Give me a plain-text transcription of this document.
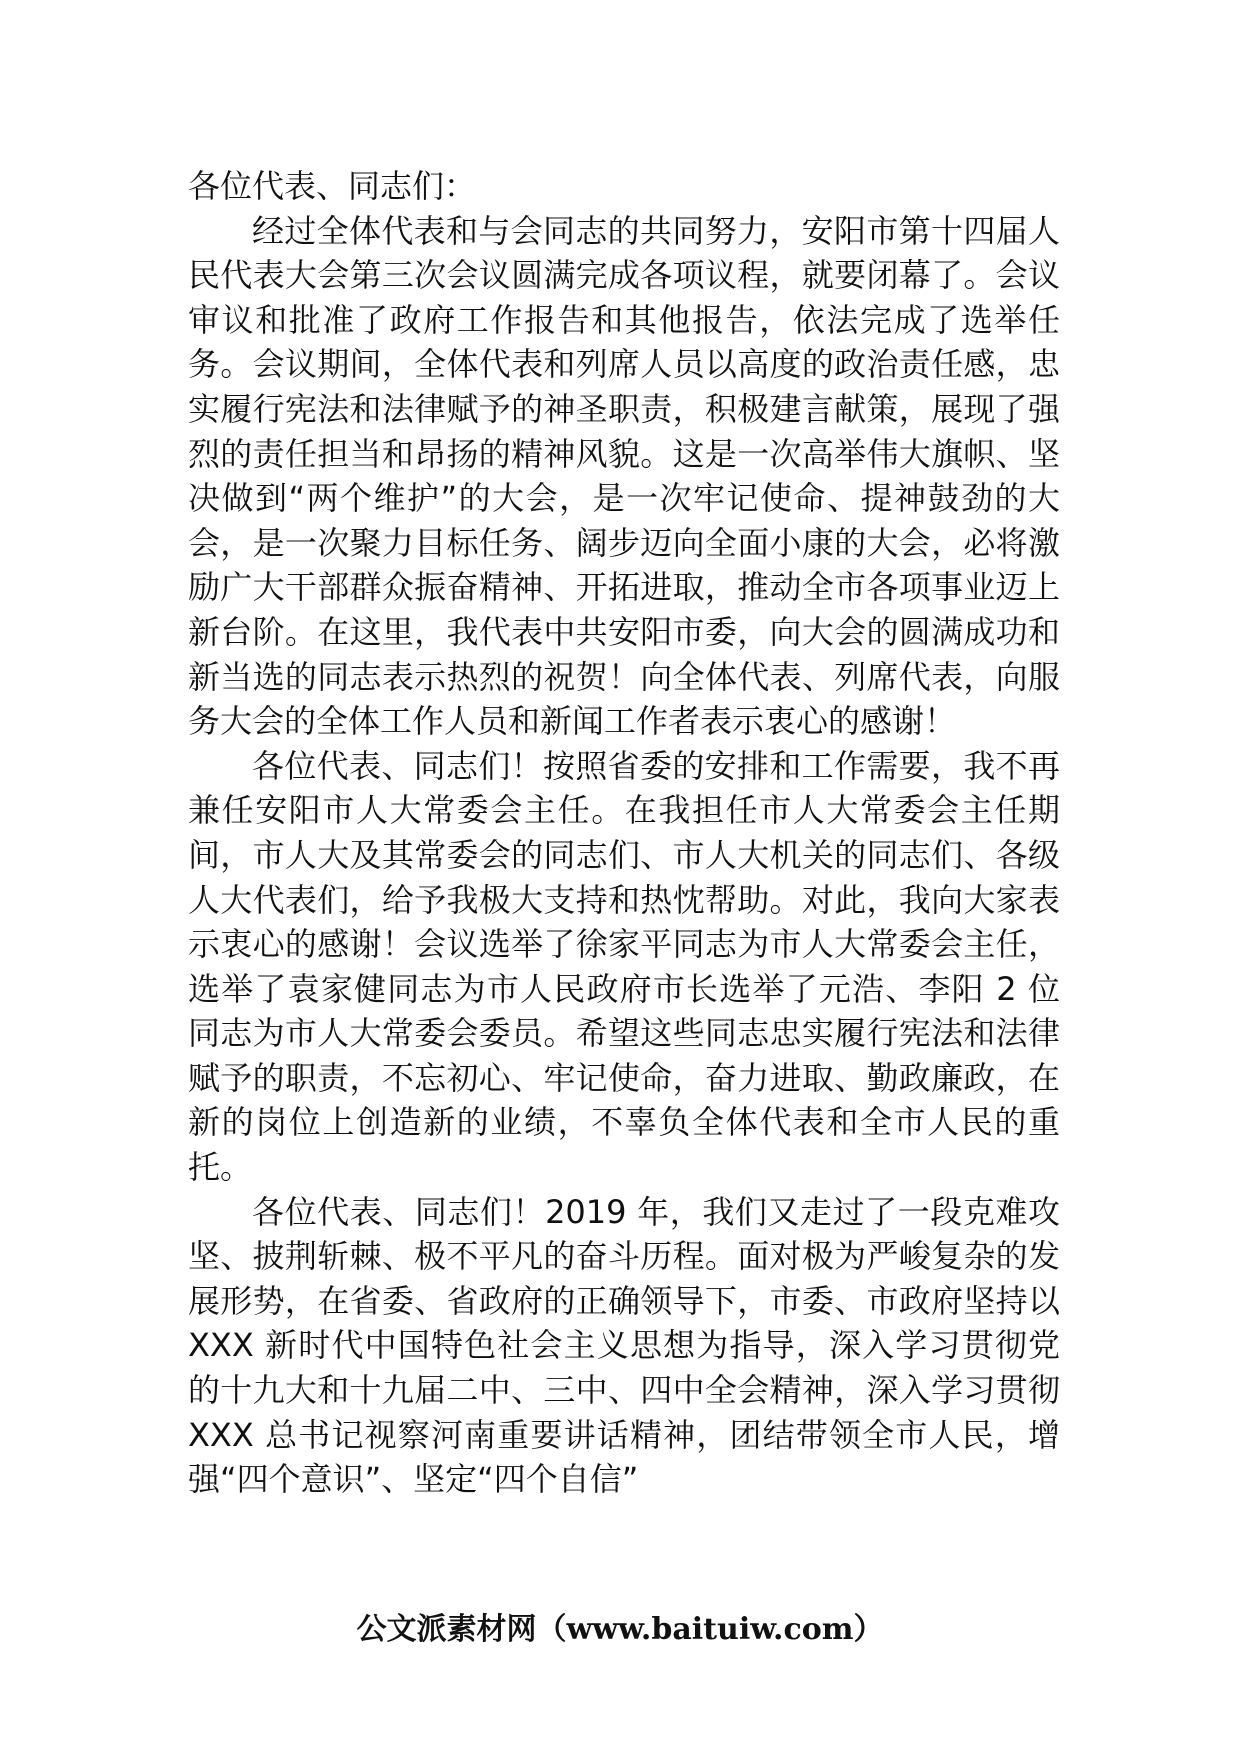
各位代表、同志们：

经过全体代表和与会同志的共同努力，安阳市第十四届人民代表大会第三次会议圆满完成各项议程，就要闭幕了。会议审议和批准了政府工作报告和其他报告，依法完成了选举任务。会议期间，全体代表和列席人员以高度的政治责任感，忠实履行宪法和法律赋予的神圣职责，积极建言献策，展现了强烈的责任担当和昂扬的精神风貌。这是一次高举伟大旗帜、坚决做到“两个维护”的大会，是一次牢记使命、提神鼓劲的大会，是一次聚力目标任务、阔步迈向全面小康的大会，必将激励广大干部群众振奋精神、开拓进取，推动全市各项事业迈上新台阶。在这里，我代表中共安阳市委，向大会的圆满成功和新当选的同志表示热烈的祝贺！向全体代表、列席代表，向服务大会的全体工作人员和新闻工作者表示衷心的感谢！

各位代表、同志们！按照省委的安排和工作需要，我不再兼任安阳市人大常委会主任。在我担任市人大常委会主任期间，市人大及其常委会的同志们、市人大机关的同志们、各级人大代表们，给予我极大支持和热忱帮助。对此，我向大家表示衷心的感谢！会议选举了徐家平同志为市人大常委会主任，选举了袁家健同志为市人民政府市长选举了元浩、李阳 2 位同志为市人大常委会委员。希望这些同志忠实履行宪法和法律赋予的职责，不忘初心、牢记使命，奋力进取、勤政廉政，在新的岗位上创造新的业绩，不辜负全体代表和全市人民的重托。

各位代表、同志们！2019 年，我们又走过了一段克难攻坚、披荆斩棘、极不平凡的奋斗历程。面对极为严峻复杂的发展形势，在省委、省政府的正确领导下，市委、市政府坚持以 XXX 新时代中国特色社会主义思想为指导，深入学习贯彻党的十九大和十九届二中、三中、四中全会精神，深入学习贯彻 XXX 总书记视察河南重要讲话精神，团结带领全市人民，增强“四个意识”、坚定“四个自信”

公文派素材网（www.baituiw.com）
